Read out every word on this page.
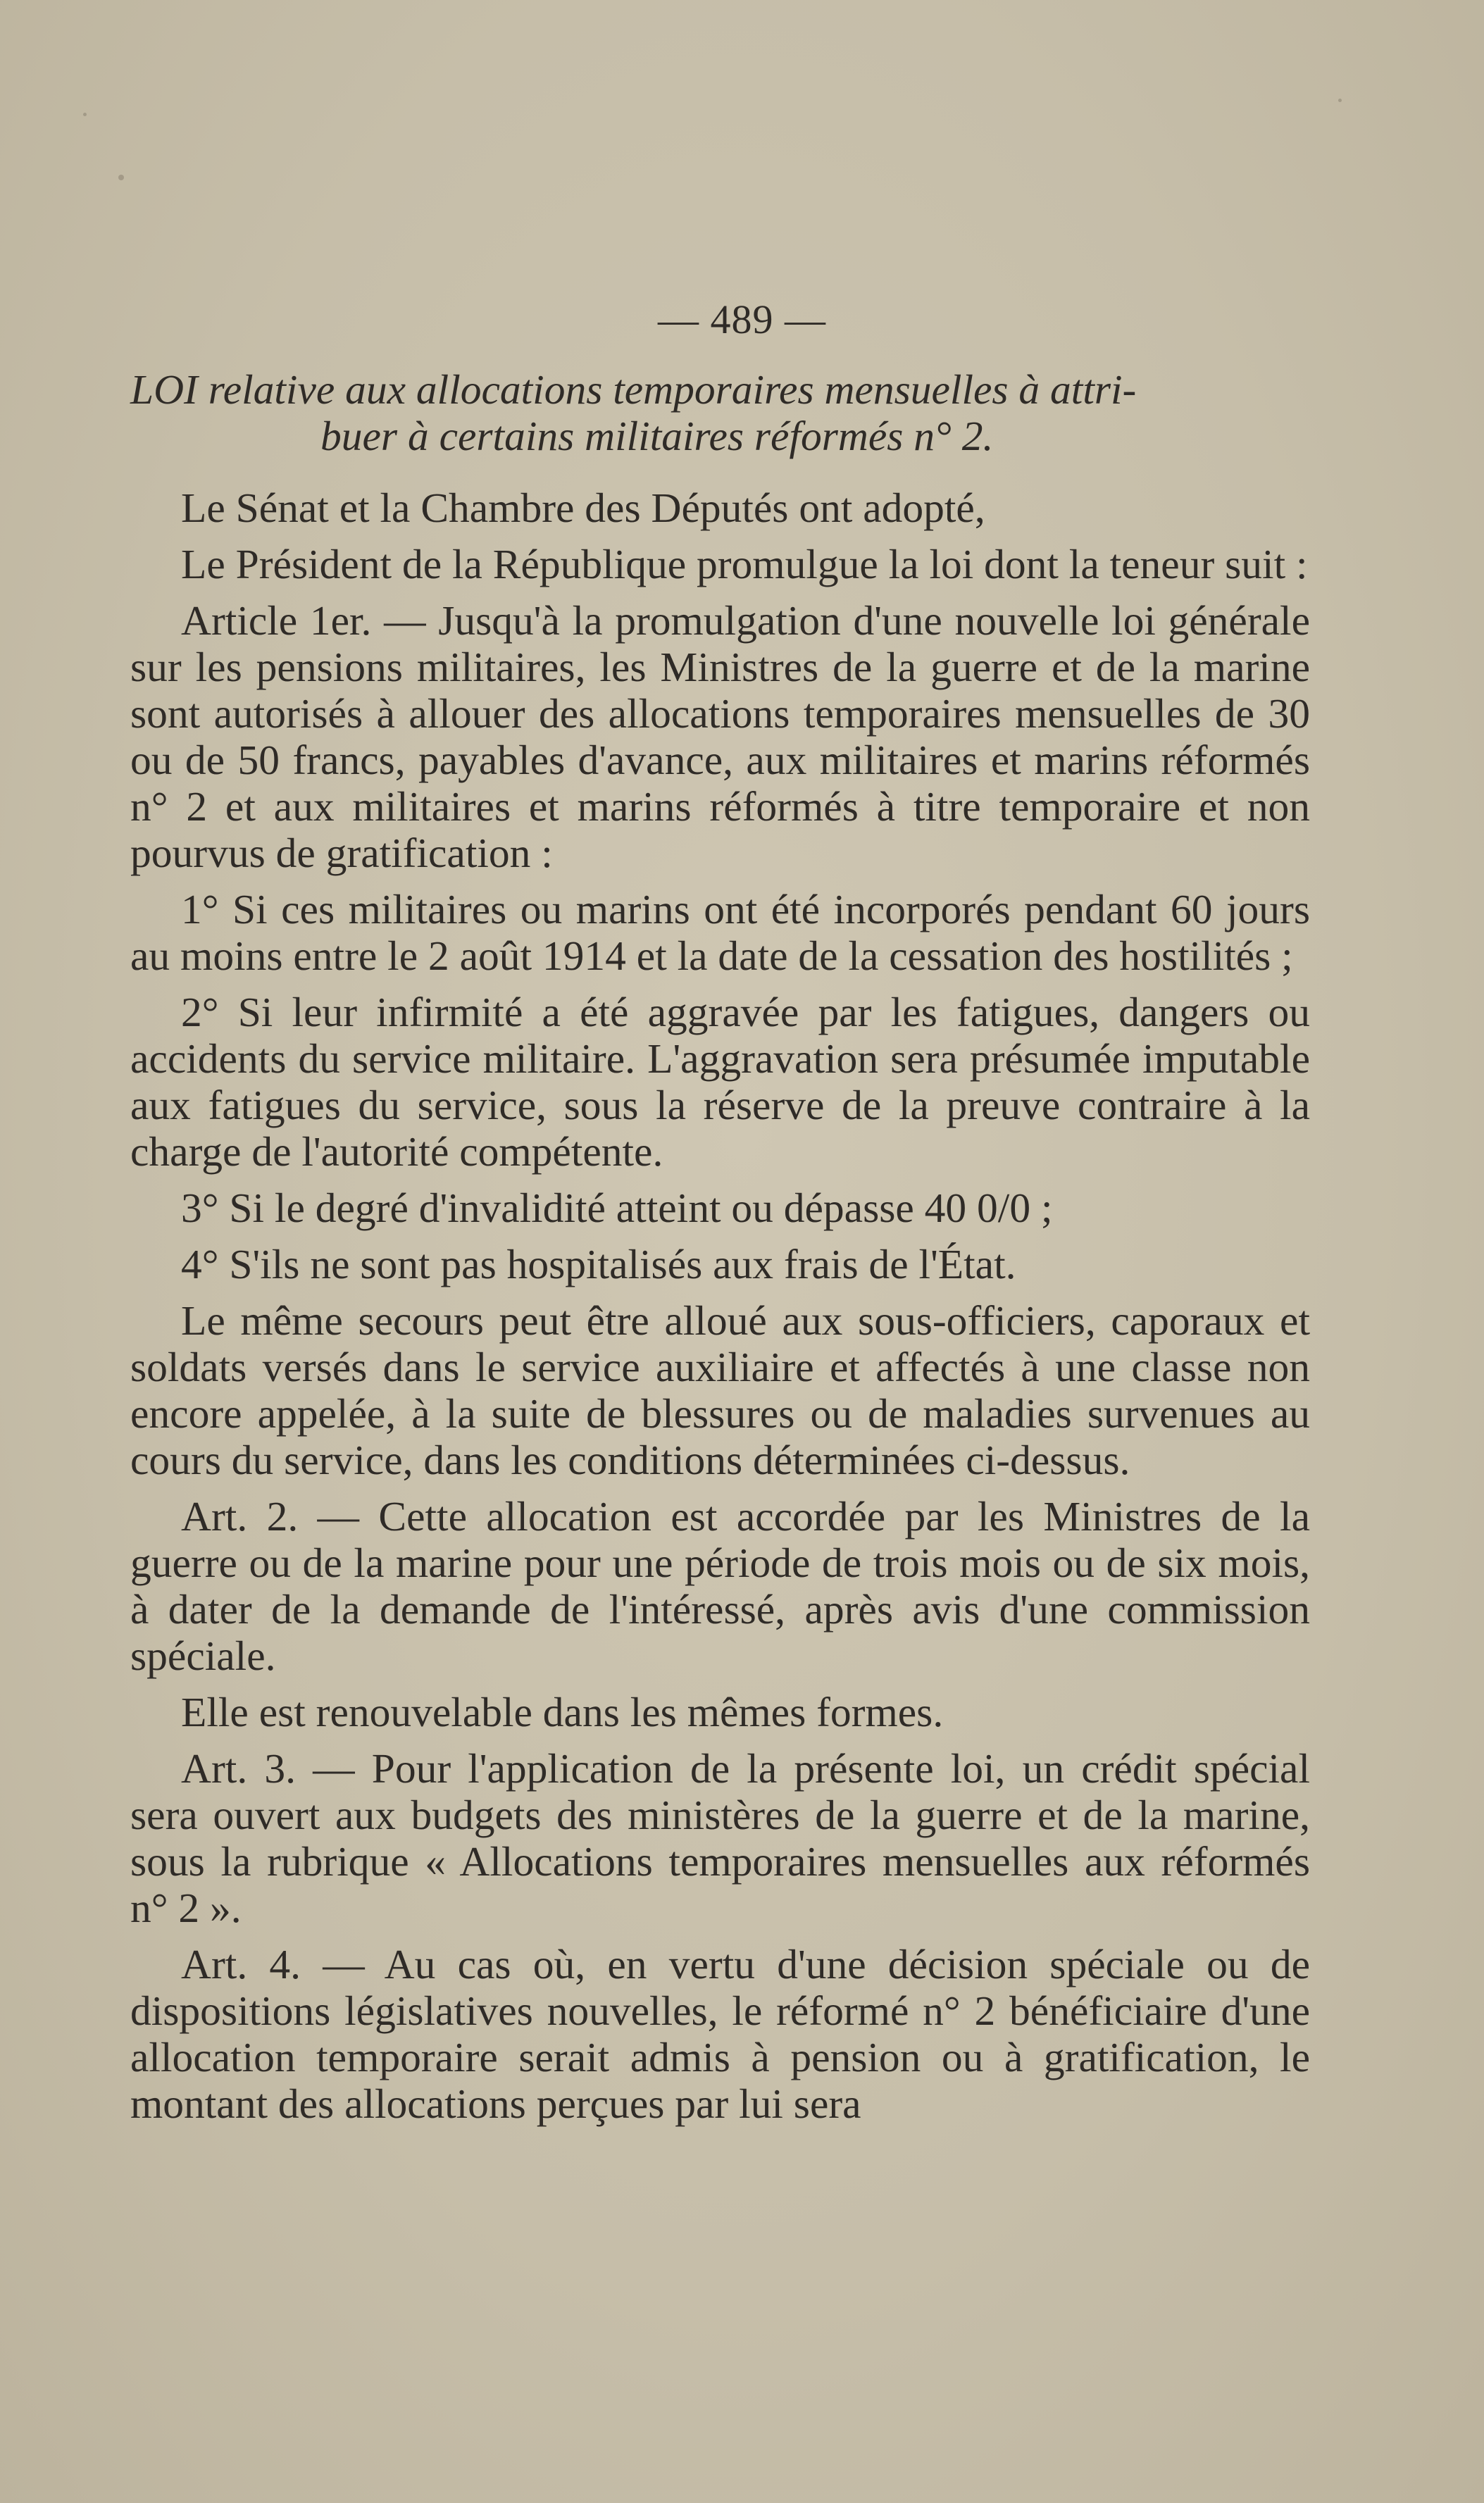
— 489 —
LOI relative aux allocations temporaires mensuelles à attri-
buer à certains militaires réformés n° 2.

Le Sénat et la Chambre des Députés ont adopté,

Le Président de la République promulgue la loi dont la teneur suit :

Article 1er. — Jusqu'à la promulgation d'une nouvelle loi générale sur les pensions militaires, les Ministres de la guerre et de la marine sont autorisés à allouer des allocations temporaires mensuelles de 30 ou de 50 francs, payables d'avance, aux militaires et marins réformés n° 2 et aux militaires et marins réformés à titre temporaire et non pourvus de gratification :

1° Si ces militaires ou marins ont été incorporés pendant 60 jours au moins entre le 2 août 1914 et la date de la cessation des hostilités ;

2° Si leur infirmité a été aggravée par les fatigues, dangers ou accidents du service militaire. L'aggravation sera présumée imputable aux fatigues du service, sous la réserve de la preuve contraire à la charge de l'autorité compétente.

3° Si le degré d'invalidité atteint ou dépasse 40 0/0 ;

4° S'ils ne sont pas hospitalisés aux frais de l'État.

Le même secours peut être alloué aux sous-officiers, caporaux et soldats versés dans le service auxiliaire et affectés à une classe non encore appelée, à la suite de blessures ou de maladies survenues au cours du service, dans les conditions déterminées ci-dessus.

Art. 2. — Cette allocation est accordée par les Ministres de la guerre ou de la marine pour une période de trois mois ou de six mois, à dater de la demande de l'intéressé, après avis d'une commission spéciale.

Elle est renouvelable dans les mêmes formes.

Art. 3. — Pour l'application de la présente loi, un crédit spécial sera ouvert aux budgets des ministères de la guerre et de la marine, sous la rubrique « Allocations temporaires mensuelles aux réformés n° 2 ».

Art. 4. — Au cas où, en vertu d'une décision spéciale ou de dispositions législatives nouvelles, le réformé n° 2 bénéficiaire d'une allocation temporaire serait admis à pension ou à gratification, le montant des allocations perçues par lui sera
